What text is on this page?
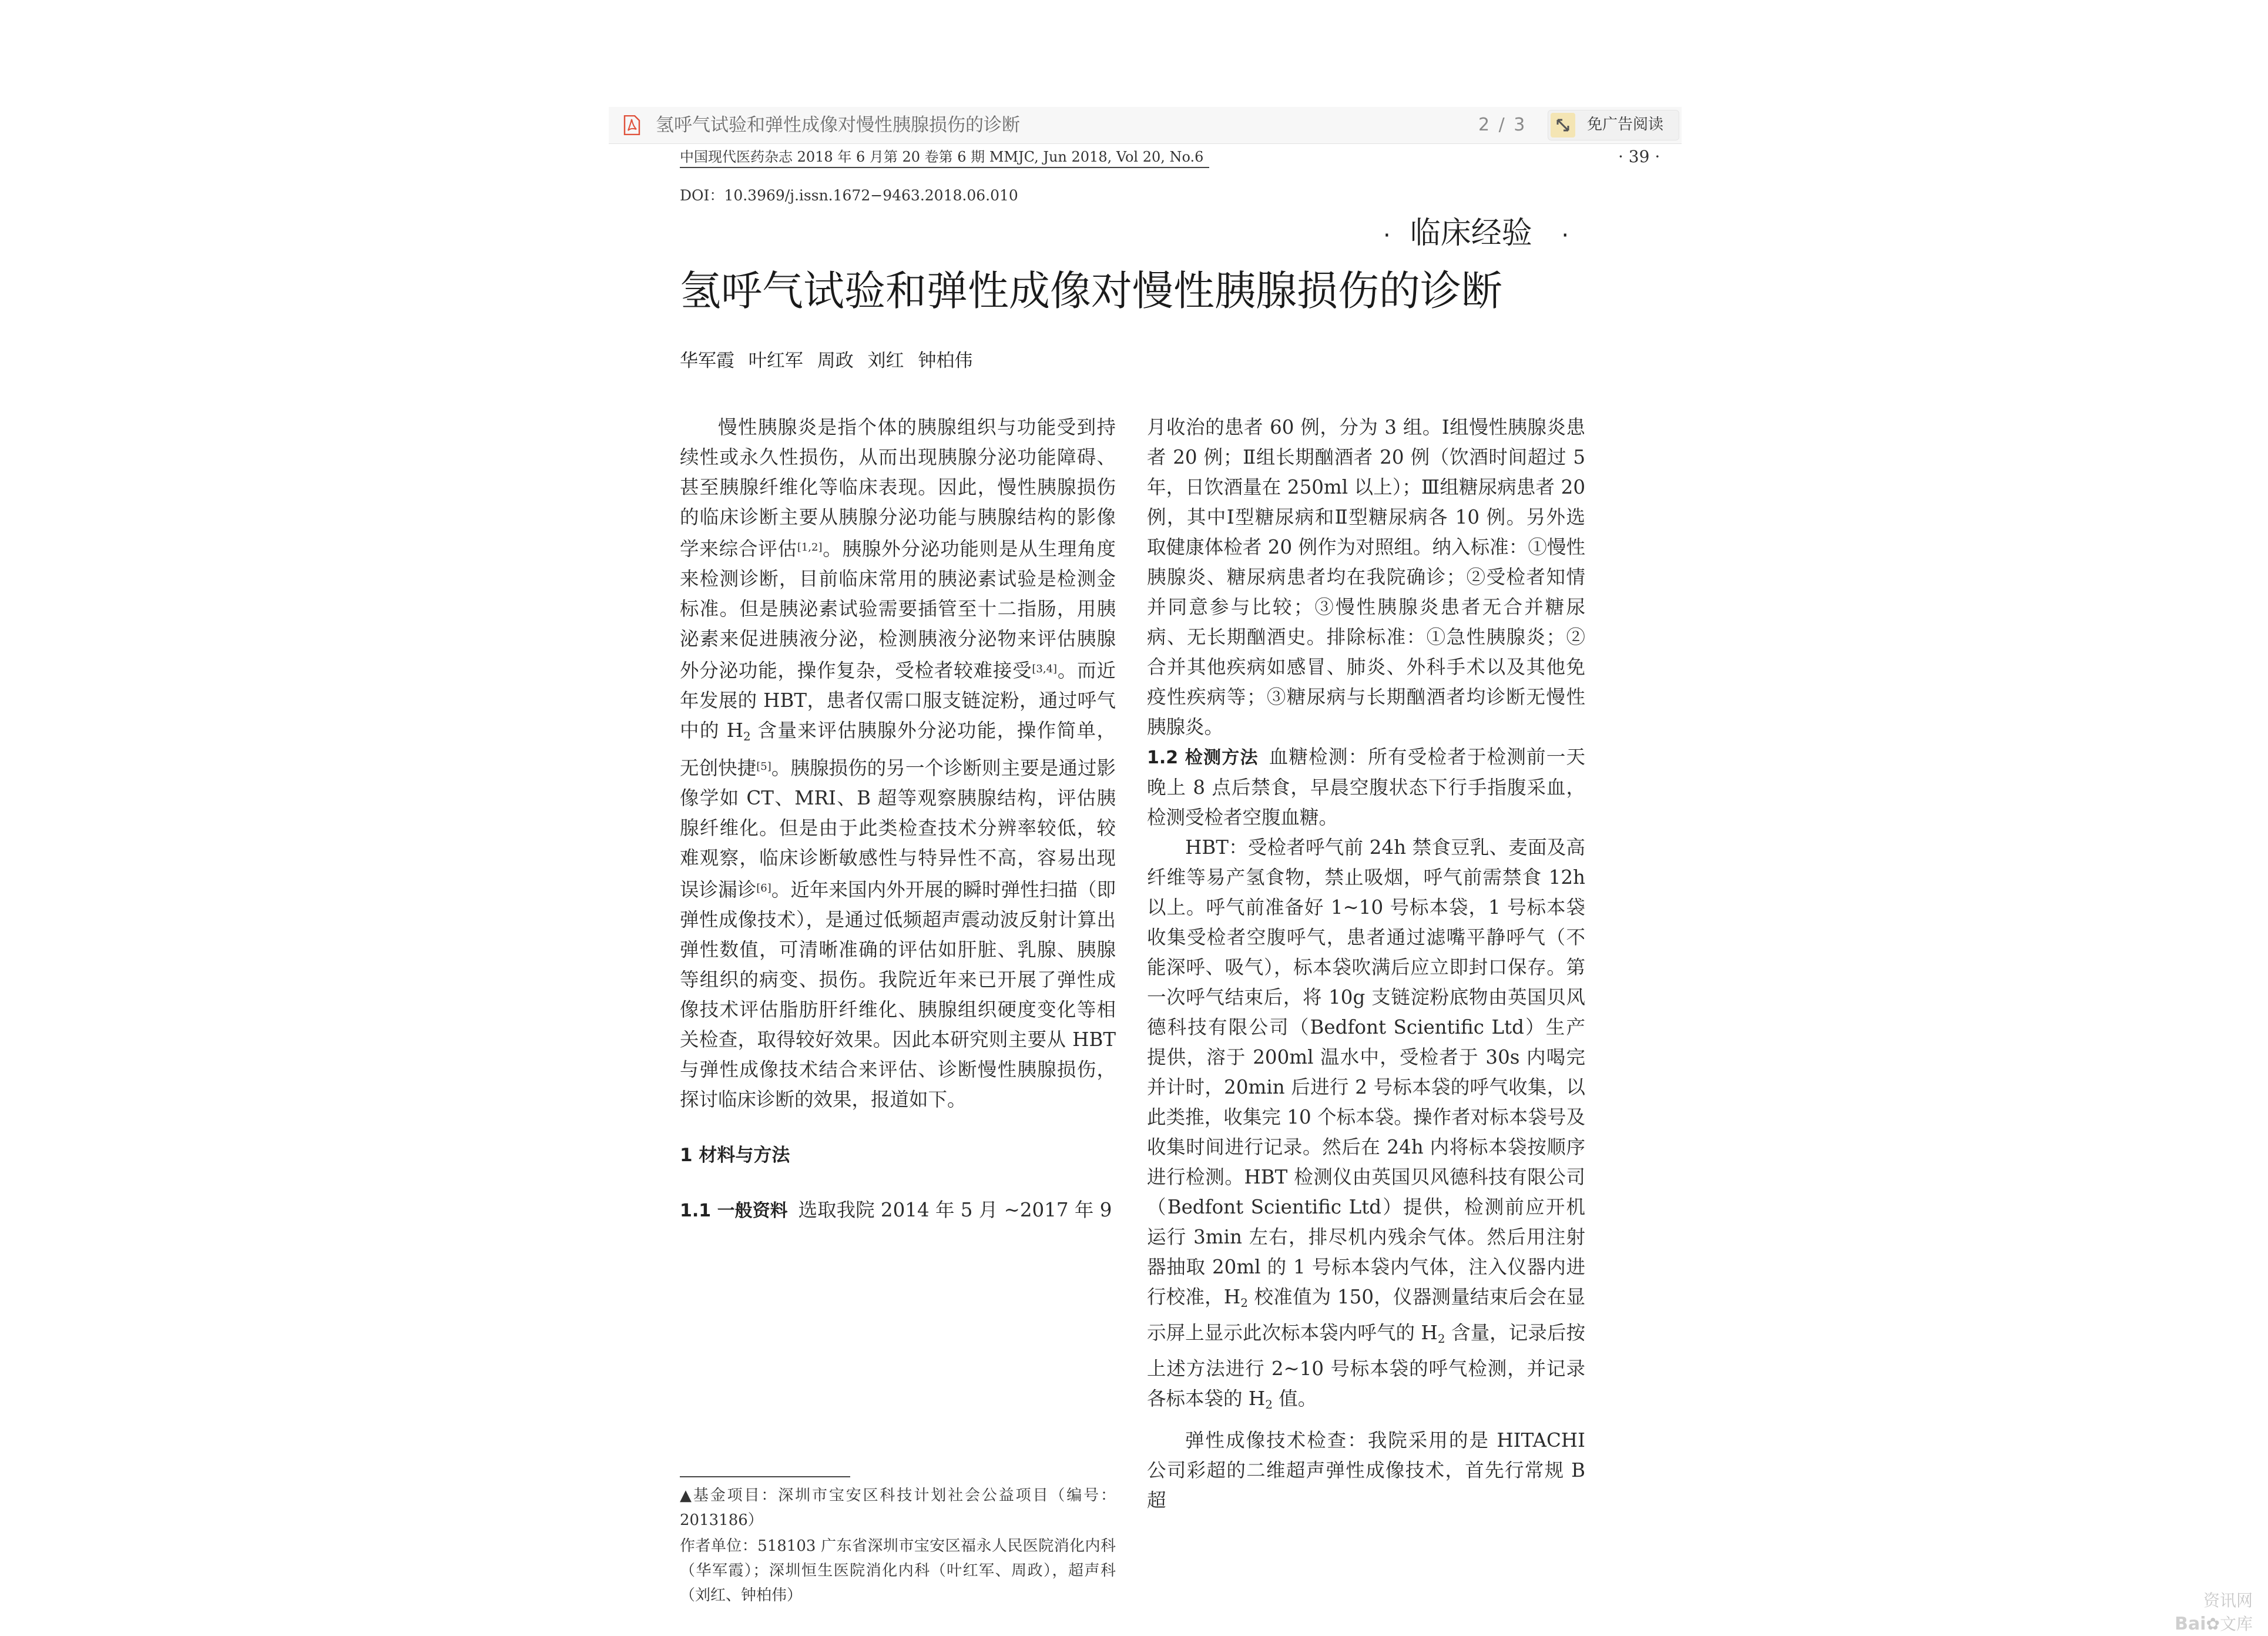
氢呼气试验和弹性成像对慢性胰腺损伤的诊断	2 / 3	免广告阅读
中国现代医药杂志 2018 年 6 月第 20 卷第 6 期 MMJC, Jun 2018, Vol 20, No.6	· 39 ·
DOI：10.3969/j.issn.1672−9463.2018.06.010
· 临床经验 ·
氢呼气试验和弹性成像对慢性胰腺损伤的诊断
华军霞 叶红军 周政 刘红 钟柏伟

慢性胰腺炎是指个体的胰腺组织与功能受到持续性或永久性损伤，从而出现胰腺分泌功能障碍、甚至胰腺纤维化等临床表现。因此，慢性胰腺损伤的临床诊断主要从胰腺分泌功能与胰腺结构的影像学来综合评估[1,2]。胰腺外分泌功能则是从生理角度来检测诊断，目前临床常用的胰泌素试验是检测金标准。但是胰泌素试验需要插管至十二指肠，用胰泌素来促进胰液分泌，检测胰液分泌物来评估胰腺外分泌功能，操作复杂，受检者较难接受[3,4]。而近年发展的 HBT，患者仅需口服支链淀粉，通过呼气中的 $H_2$ 含量来评估胰腺外分泌功能，操作简单，无创快捷[5]。胰腺损伤的另一个诊断则主要是通过影像学如 CT、MRI、B 超等观察胰腺结构，评估胰腺纤维化。但是由于此类检查技术分辨率较低，较难观察，临床诊断敏感性与特异性不高，容易出现误诊漏诊[6]。近年来国内外开展的瞬时弹性扫描（即弹性成像技术），是通过低频超声震动波反射计算出弹性数值，可清晰准确的评估如肝脏、乳腺、胰腺等组织的病变、损伤。我院近年来已开展了弹性成像技术评估脂肪肝纤维化、胰腺组织硬度变化等相关检查，取得较好效果。因此本研究则主要从 HBT 与弹性成像技术结合来评估、诊断慢性胰腺损伤，探讨临床诊断的效果，报道如下。

1 材料与方法

1.1 一般资料 选取我院 2014 年 5 月 ~2017 年 9

月收治的患者 60 例，分为 3 组。Ⅰ组慢性胰腺炎患者 20 例；Ⅱ组长期酗酒者 20 例（饮酒时间超过 5 年，日饮酒量在 250ml 以上）；Ⅲ组糖尿病患者 20 例，其中Ⅰ型糖尿病和Ⅱ型糖尿病各 10 例。另外选取健康体检者 20 例作为对照组。纳入标准：①慢性胰腺炎、糖尿病患者均在我院确诊；②受检者知情并同意参与比较；③慢性胰腺炎患者无合并糖尿病、无长期酗酒史。排除标准：①急性胰腺炎；②合并其他疾病如感冒、肺炎、外科手术以及其他免疫性疾病等；③糖尿病与长期酗酒者均诊断无慢性胰腺炎。

1.2 检测方法 血糖检测：所有受检者于检测前一天晚上 8 点后禁食，早晨空腹状态下行手指腹采血，检测受检者空腹血糖。

HBT：受检者呼气前 24h 禁食豆乳、麦面及高纤维等易产氢食物，禁止吸烟，呼气前需禁食 12h 以上。呼气前准备好 1~10 号标本袋，1 号标本袋收集受检者空腹呼气，患者通过滤嘴平静呼气（不能深呼、吸气），标本袋吹满后应立即封口保存。第一次呼气结束后，将 10g 支链淀粉底物由英国贝风德科技有限公司（Bedfont Scientific Ltd）生产提供，溶于 200ml 温水中，受检者于 30s 内喝完并计时，20min 后进行 2 号标本袋的呼气收集，以此类推，收集完 10 个标本袋。操作者对标本袋号及收集时间进行记录。然后在 24h 内将标本袋按顺序进行检测。HBT 检测仪由英国贝风德科技有限公司（Bedfont Scientific Ltd）提供，检测前应开机运行 3min 左右，排尽机内残余气体。然后用注射器抽取 20ml 的 1 号标本袋内气体，注入仪器内进行校准，$H_2$ 校准值为 150，仪器测量结束后会在显示屏上显示此次标本袋内呼气的 $H_2$ 含量，记录后按上述方法进行 2~10 号标本袋的呼气检测，并记录各标本袋的 $H_2$ 值。

弹性成像技术检查：我院采用的是 HITACHI 公司彩超的二维超声弹性成像技术，首先行常规 B 超

▲基金项目：深圳市宝安区科技计划社会公益项目（编号：2013186）

作者单位：518103 广东省深圳市宝安区福永人民医院消化内科（华军霞）；深圳恒生医院消化内科（叶红军、周政），超声科（刘红、钟柏伟）	资讯网
Bai✿文库
